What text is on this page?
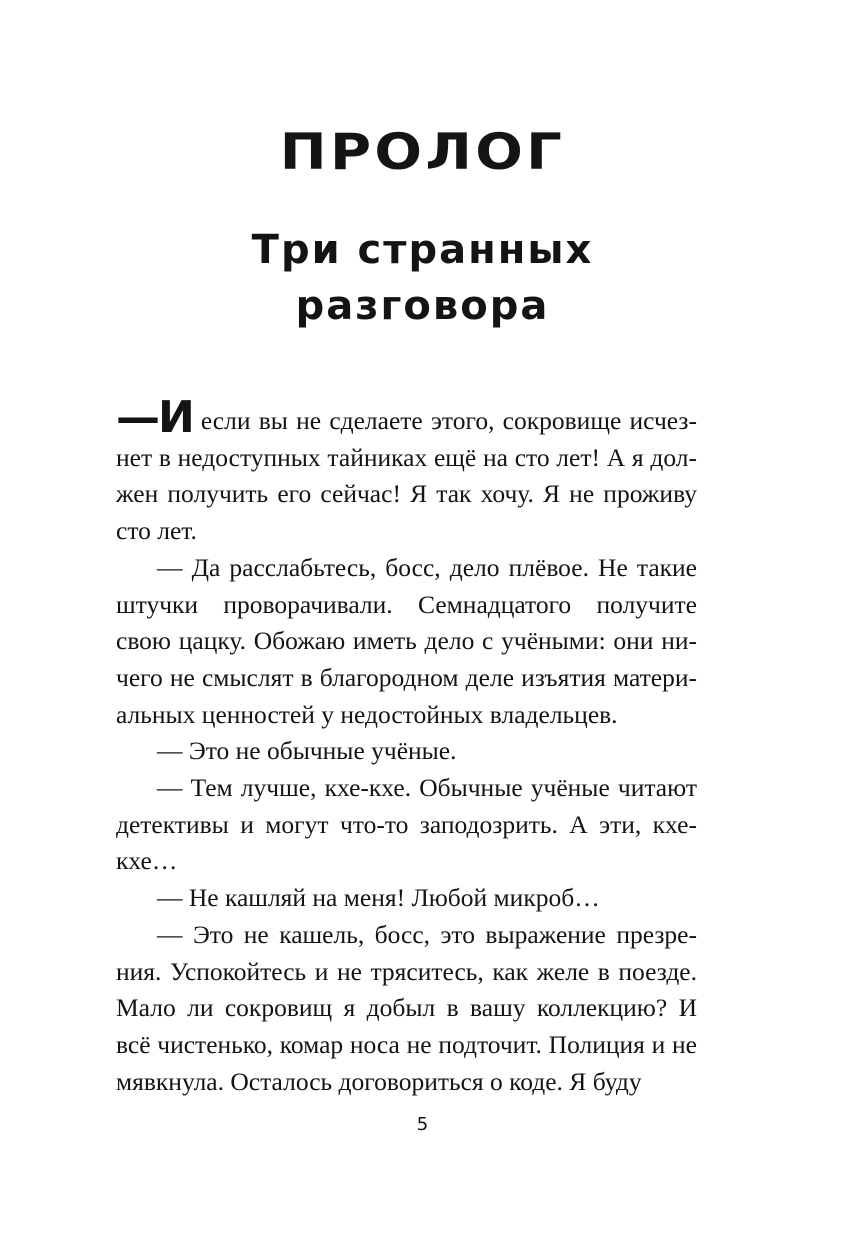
ПРОЛОГ
Три странных
разговора

—И если вы не сделаете этого, сокровище исчезнет в недоступных тайниках ещё на сто лет! А я должен получить его сейчас! Я так хочу. Я не проживу сто лет.

— Да расслабьтесь, босс, дело плёвое. Не такие штучки проворачивали. Семнадцатого получите свою цацку. Обожаю иметь дело с учёными: они ничего не смыслят в благородном деле изъятия материальных ценностей у недостойных владельцев.

— Это не обычные учёные.

— Тем лучше, кхе-кхе. Обычные учёные читают детективы и могут что-то заподозрить. А эти, кхе-кхе…

— Не кашляй на меня! Любой микроб…

— Это не кашель, босс, это выражение презрения. Успокойтесь и не тряситесь, как желе в поезде. Мало ли сокровищ я добыл в вашу коллекцию? И всё чистенько, комар носа не подточит. Полиция и не мявкнула. Осталось договориться о коде. Я буду

5
